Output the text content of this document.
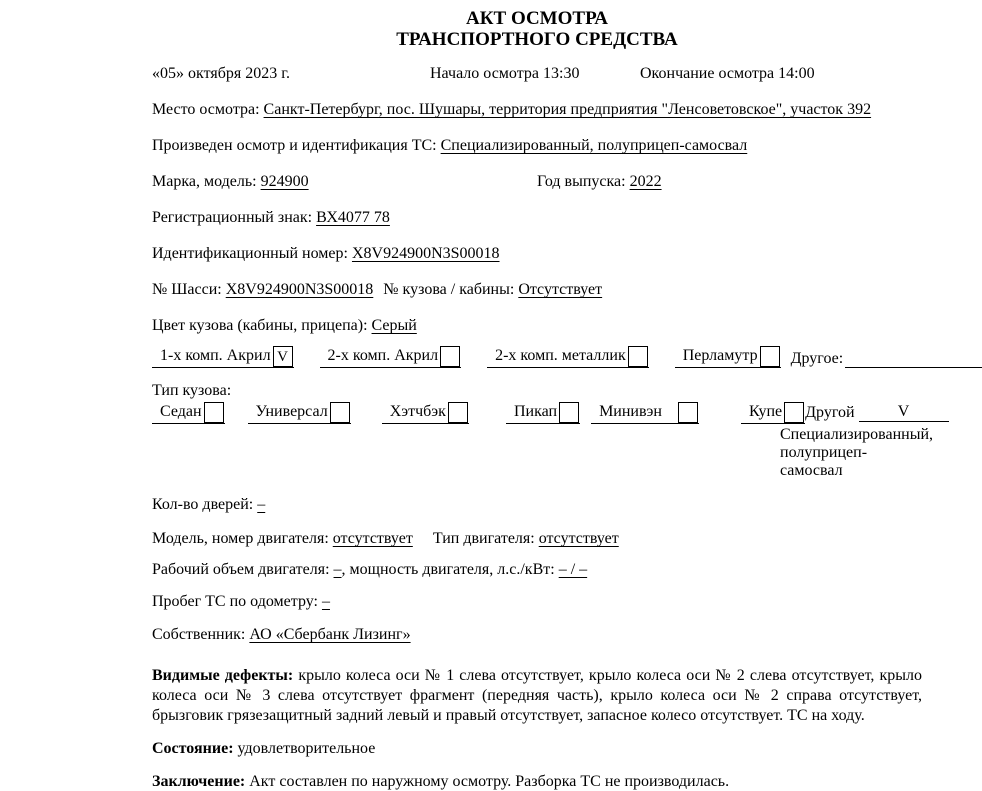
АКТ ОСМОТРА
ТРАНСПОРТНОГО СРЕДСТВА
«05» октября 2023 г.	Начало осмотра 13:30	Окончание осмотра 14:00

Место осмотра: Санкт-Петербург, пос. Шушары, территория предприятия "Ленсоветовское", участок 392

Произведен осмотр и идентификация ТС: Специализированный, полуприцеп-самосвал

Марка, модель: 924900	Год выпуска: 2022

Регистрационный знак: ВХ4077 78

Идентификационный номер: X8V924900N3S00018

№ Шасси: X8V924900N3S00018 № кузова / кабины: Отсутствует

Цвет кузова (кабины, прицепа): Серый

1-х комп. Акрил V 2-х комп. Акрил	2-х комп. металлик	Перламутр Другое:

Тип кузова:

Седан	Универсал	Хэтчбэк	Пикап	Минивэн	Купе Другой	V
Специализированный,
полуприцеп-самосвал

Кол-во дверей: –

Модель, номер двигателя: отсутствует Тип двигателя: отсутствует

Рабочий объем двигателя: –, мощность двигателя, л.с./кВт: – / –

Пробег ТС по одометру: –

Собственник: АО «Сбербанк Лизинг»

Видимые дефекты: крыло колеса оси № 1 слева отсутствует, крыло колеса оси № 2 слева отсутствует, крыло колеса оси № 3 слева отсутствует фрагмент (передняя часть), крыло колеса оси № 2 справа отсутствует, брызговик грязезащитный задний левый и правый отсутствует, запасное колесо отсутствует. ТС на ходу.

Состояние: удовлетворительное

Заключение: Акт составлен по наружному осмотру. Разборка ТС не производилась.
